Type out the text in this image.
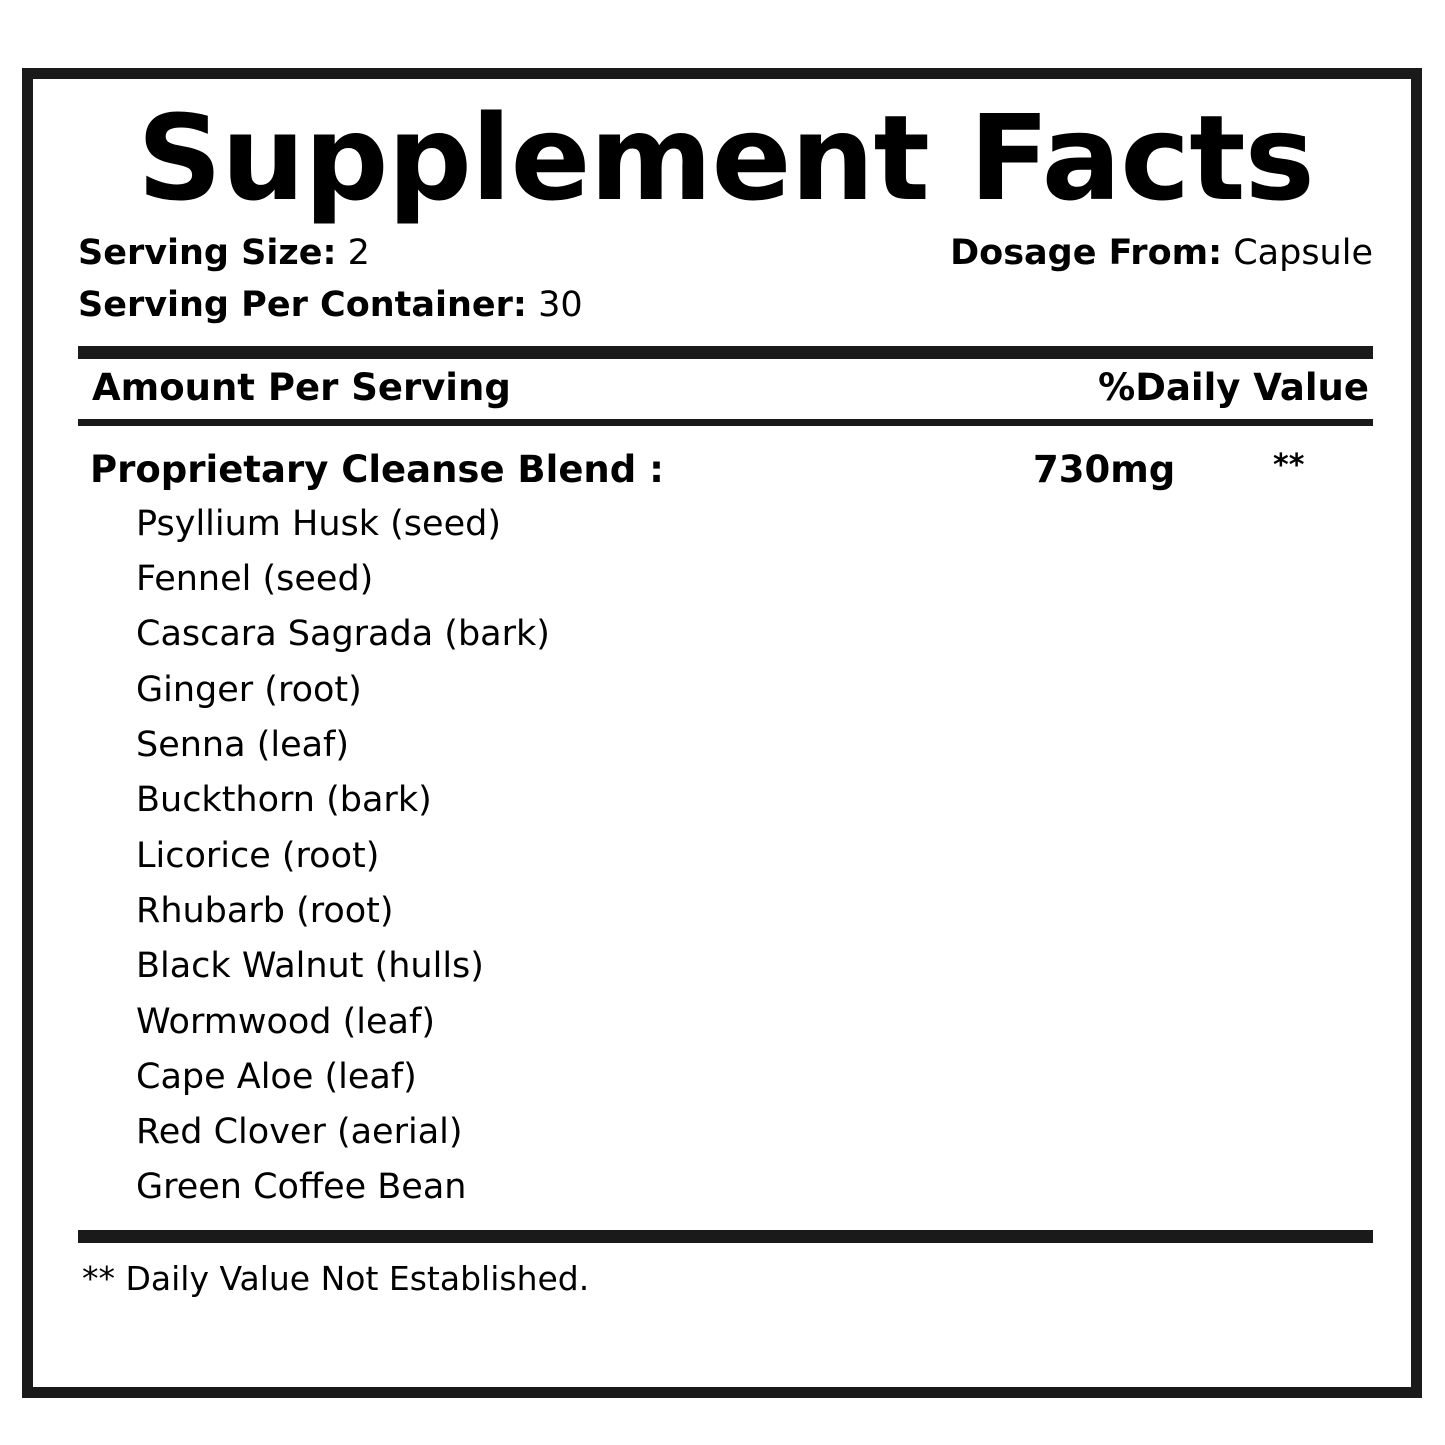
Supplement Facts
Serving Size: 2	Dosage From: Capsule
Serving Per Container: 30
Amount Per Serving	%Daily Value
Proprietary Cleanse Blend :	730mg	**
Psyllium Husk (seed)
Fennel (seed)
Cascara Sagrada (bark)
Ginger (root)
Senna (leaf)
Buckthorn (bark)
Licorice (root)
Rhubarb (root)
Black Walnut (hulls)
Wormwood (leaf)
Cape Aloe (leaf)
Red Clover (aerial)
Green Coffee Bean
** Daily Value Not Established.
